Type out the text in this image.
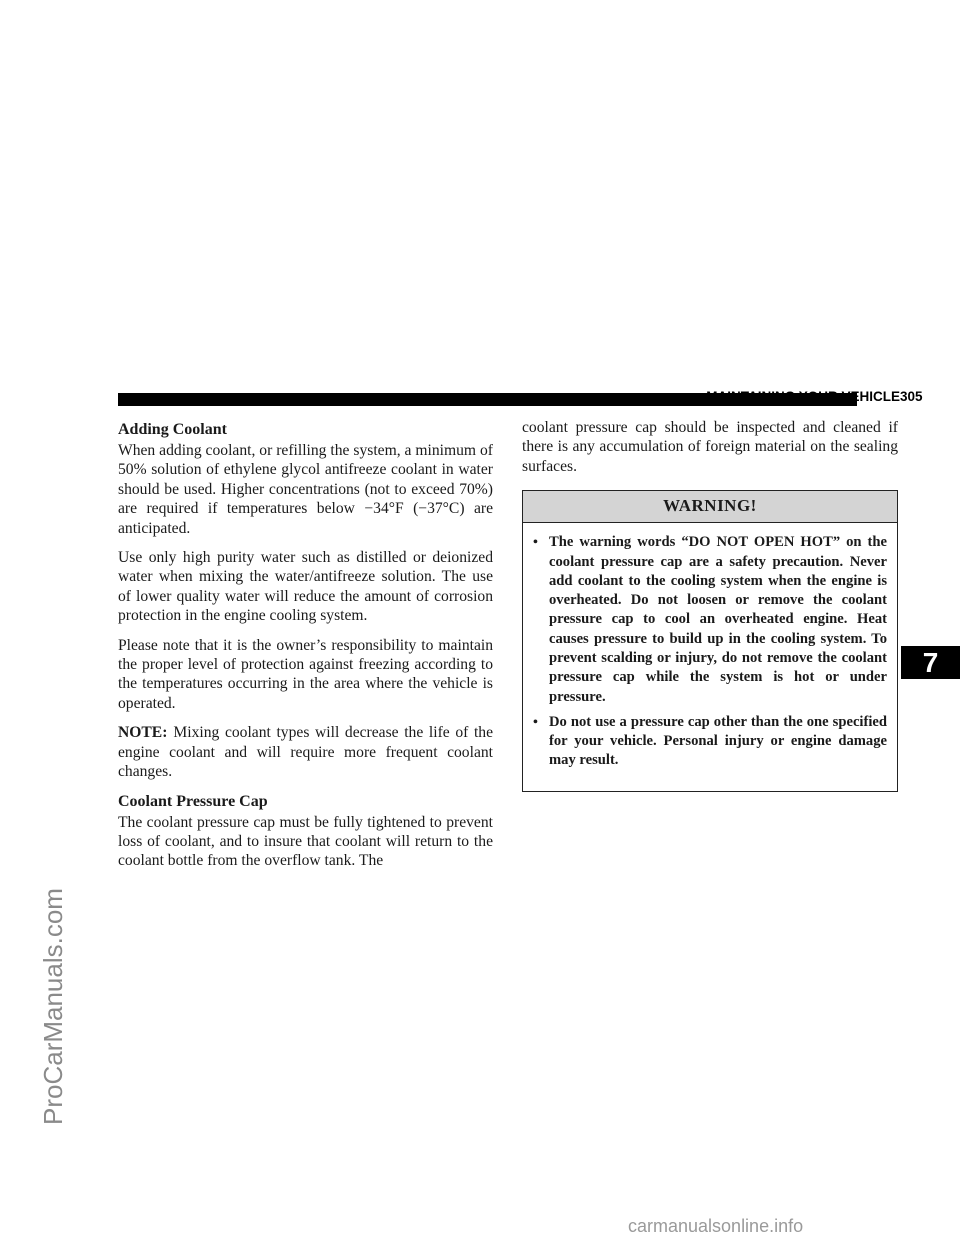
MAINTAINING YOUR VEHICLE 305
7
ProCarManuals.com
carmanualsonline.info
Adding Coolant

When adding coolant, or refilling the system, a minimum of 50% solution of ethylene glycol antifreeze coolant in water should be used. Higher concentrations (not to exceed 70%) are required if temperatures below −34°F (−37°C) are anticipated.

Use only high purity water such as distilled or deionized water when mixing the water/antifreeze solution. The use of lower quality water will reduce the amount of corrosion protection in the engine cooling system.

Please note that it is the owner’s responsibility to maintain the proper level of protection against freezing according to the temperatures occurring in the area where the vehicle is operated.

NOTE: Mixing coolant types will decrease the life of the engine coolant and will require more frequent coolant changes.

Coolant Pressure Cap

The coolant pressure cap must be fully tightened to prevent loss of coolant, and to insure that coolant will return to the coolant bottle from the overflow tank. The

coolant pressure cap should be inspected and cleaned if there is any accumulation of foreign material on the sealing surfaces.

WARNING!
• The warning words “DO NOT OPEN HOT” on the coolant pressure cap are a safety precaution. Never add coolant to the cooling system when the engine is overheated. Do not loosen or remove the coolant pressure cap to cool an overheated engine. Heat causes pressure to build up in the cooling system. To prevent scalding or injury, do not remove the coolant pressure cap while the system is hot or under pressure.
• Do not use a pressure cap other than the one specified for your vehicle. Personal injury or engine damage may result.
